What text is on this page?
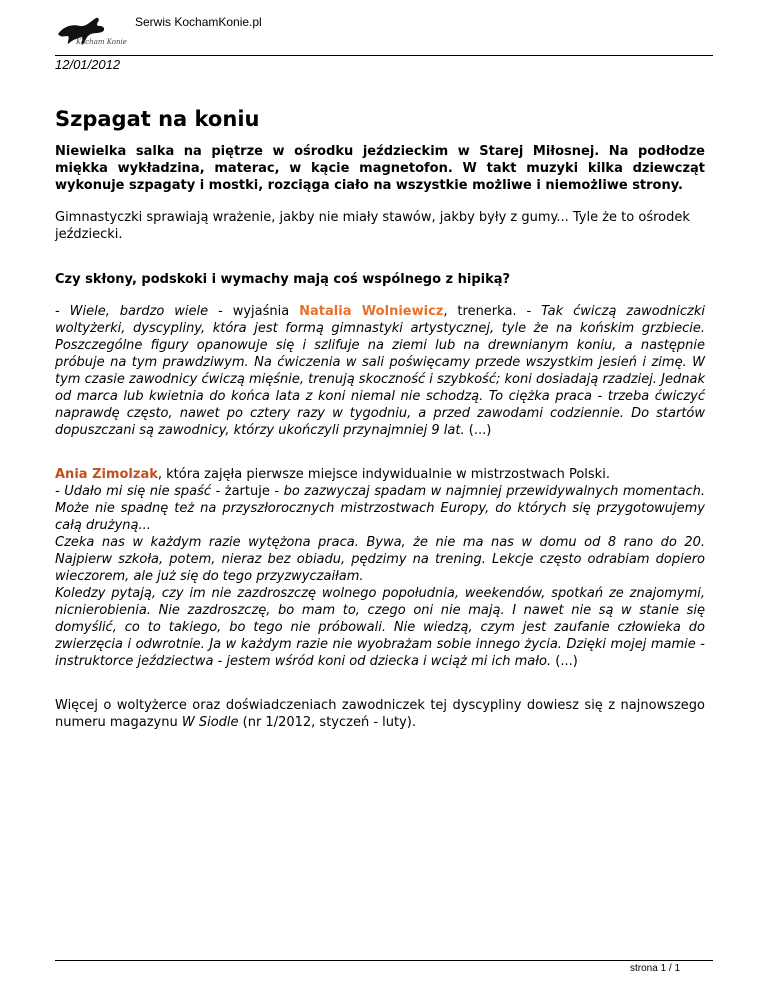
Serwis KochamKonie.pl
Kocham Konie
12/01/2012
Szpagat na koniu

Niewielka salka na piętrze w ośrodku jeździeckim w Starej Miłosnej. Na podłodze miękka wykładzina, materac, w kącie magnetofon. W takt muzyki kilka dziewcząt wykonuje szpagaty i mostki, rozciąga ciało na wszystkie możliwe i niemożliwe strony.

Gimnastyczki sprawiają wrażenie, jakby nie miały stawów, jakby były z gumy... Tyle że to ośrodek jeździecki.

Czy skłony, podskoki i wymachy mają coś wspólnego z hipiką?

- Wiele, bardzo wiele - wyjaśnia Natalia Wolniewicz, trenerka. - Tak ćwiczą zawodniczki woltyżerki, dyscypliny, która jest formą gimnastyki artystycznej, tyle że na końskim grzbiecie. Poszczególne figury opanowuje się i szlifuje na ziemi lub na drewnianym koniu, a następnie próbuje na tym prawdziwym. Na ćwiczenia w sali poświęcamy przede wszystkim jesień i zimę. W tym czasie zawodnicy ćwiczą mięśnie, trenują skoczność i szybkość; koni dosiadają rzadziej. Jednak od marca lub kwietnia do końca lata z koni niemal nie schodzą. To ciężka praca - trzeba ćwiczyć naprawdę często, nawet po cztery razy w tygodniu, a przed zawodami codziennie. Do startów dopuszczani są zawodnicy, którzy ukończyli przynajmniej 9 lat. (...)

Ania Zimolzak, która zajęła pierwsze miejsce indywidualnie w mistrzostwach Polski.
- Udało mi się nie spaść - żartuje - bo zazwyczaj spadam w najmniej przewidywalnych momentach. Może nie spadnę też na przyszłorocznych mistrzostwach Europy, do których się przygotowujemy całą drużyną...
Czeka nas w każdym razie wytężona praca. Bywa, że nie ma nas w domu od 8 rano do 20. Najpierw szkoła, potem, nieraz bez obiadu, pędzimy na trening. Lekcje często odrabiam dopiero wieczorem, ale już się do tego przyzwyczaiłam.
Koledzy pytają, czy im nie zazdroszczę wolnego popołudnia, weekendów, spotkań ze znajomymi, nicnierobienia. Nie zazdroszczę, bo mam to, czego oni nie mają. I nawet nie są w stanie się domyślić, co to takiego, bo tego nie próbowali. Nie wiedzą, czym jest zaufanie człowieka do zwierzęcia i odwrotnie. Ja w każdym razie nie wyobrażam sobie innego życia. Dzięki mojej mamie - instruktorce jeździectwa - jestem wśród koni od dziecka i wciąż mi ich mało. (...)

Więcej o woltyżerce oraz doświadczeniach zawodniczek tej dyscypliny dowiesz się z najnowszego numeru magazynu W Siodle (nr 1/2012, styczeń - luty).

strona 1 / 1
